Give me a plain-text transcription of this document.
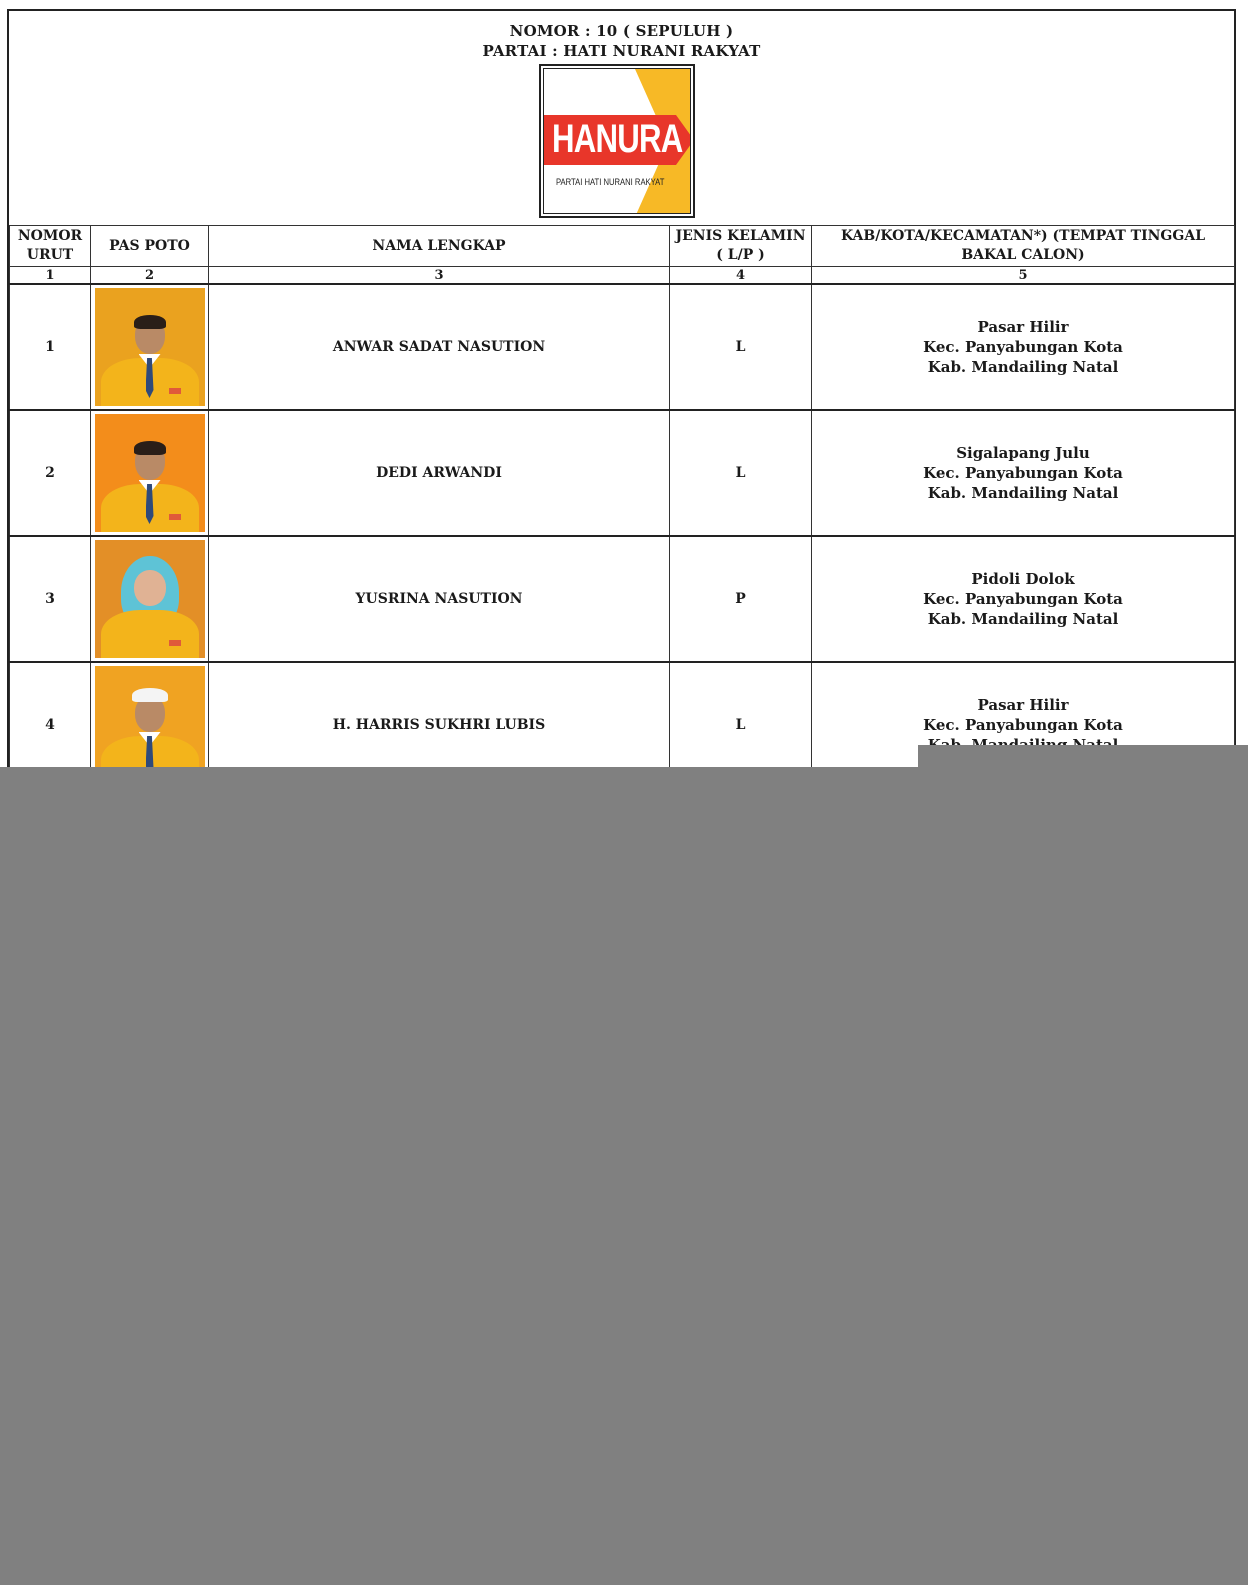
NOMOR : 10 ( SEPULUH )
PARTAI : HATI NURANI RAKYAT
HANURA
PARTAI HATI NURANI RAKYAT
NOMOR URUT	PAS POTO	NAMA LENGKAP	JENIS KELAMIN ( L/P )	KAB/KOTA/KECAMATAN*) (TEMPAT TINGGAL BAKAL CALON)
1	2	3	4	5
1		ANWAR SADAT NASUTION	L	Pasar Hilir
Kec. Panyabungan Kota
Kab. Mandailing Natal

2		DEDI ARWANDI	L	Sigalapang Julu
Kec. Panyabungan Kota
Kab. Mandailing Natal

3		YUSRINA NASUTION	P	Pidoli Dolok
Kec. Panyabungan Kota
Kab. Mandailing Natal

4		H. HARRIS SUKHRI LUBIS	L	Pasar Hilir
Kec. Panyabungan Kota
